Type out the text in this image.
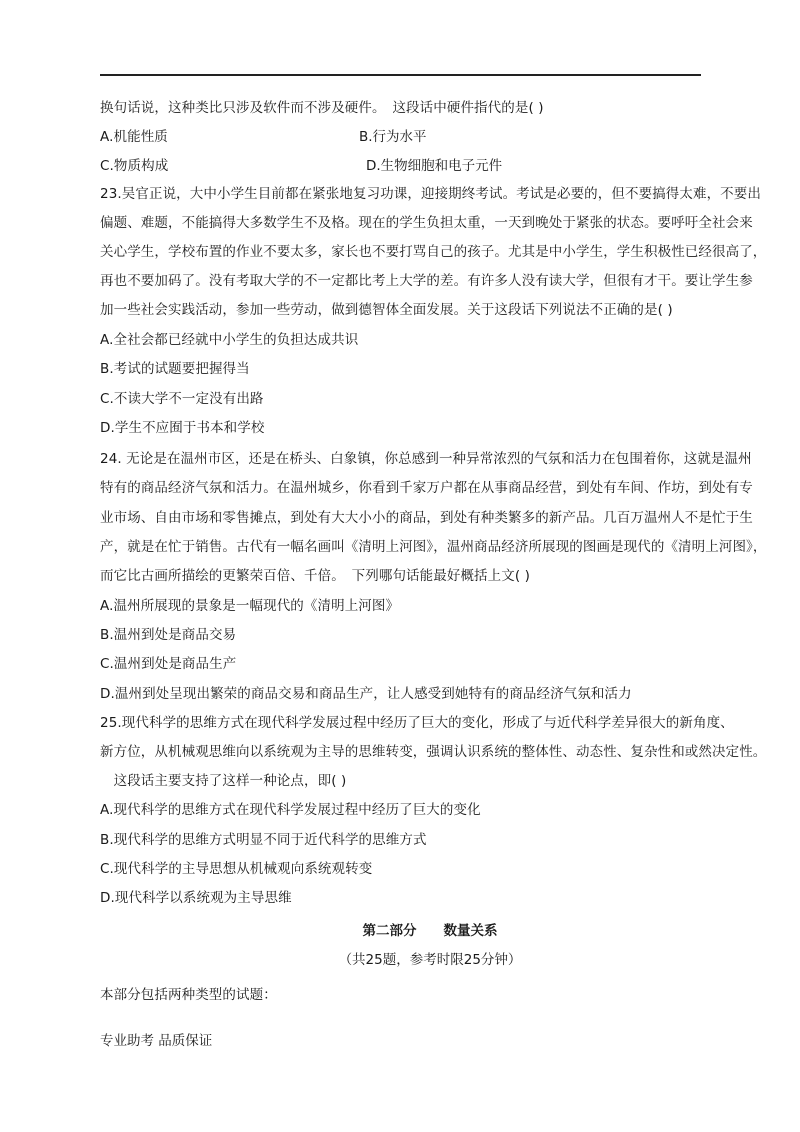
换句话说，这种类比只涉及软件而不涉及硬件。　这段话中硬件指代的是( )
A.机能性质	B.行为水平
C.物质构成	D.生物细胞和电子元件
23.吴官正说，大中小学生目前都在紧张地复习功课，迎接期终考试。考试是必要的，但不要搞得太难，不要出
偏题、难题，不能搞得大多数学生不及格。现在的学生负担太重，一天到晚处于紧张的状态。要呼吁全社会来
关心学生，学校布置的作业不要太多，家长也不要打骂自己的孩子。尤其是中小学生，学生积极性已经很高了，
再也不要加码了。没有考取大学的不一定都比考上大学的差。有许多人没有读大学，但很有才干。要让学生参
加一些社会实践活动，参加一些劳动，做到德智体全面发展。关于这段话下列说法不正确的是( )
A.全社会都已经就中小学生的负担达成共识
B.考试的试题要把握得当
C.不读大学不一定没有出路
D.学生不应囿于书本和学校
24. 无论是在温州市区，还是在桥头、白象镇，你总感到一种异常浓烈的气氛和活力在包围着你，这就是温州
特有的商品经济气氛和活力。在温州城乡，你看到千家万户都在从事商品经营，到处有车间、作坊，到处有专
业市场、自由市场和零售摊点，到处有大大小小的商品，到处有种类繁多的新产品。几百万温州人不是忙于生
产，就是在忙于销售。古代有一幅名画叫《清明上河图》，温州商品经济所展现的图画是现代的《清明上河图》，
而它比古画所描绘的更繁荣百倍、千倍。　下列哪句话能最好概括上文( )
A.温州所展现的景象是一幅现代的《清明上河图》
B.温州到处是商品交易
C.温州到处是商品生产
D.温州到处呈现出繁荣的商品交易和商品生产，让人感受到她特有的商品经济气氛和活力
25.现代科学的思维方式在现代科学发展过程中经历了巨大的变化，形成了与近代科学差异很大的新角度、
新方位，从机械观思维向以系统观为主导的思维转变，强调认识系统的整体性、动态性、复杂性和或然决定性。
　这段话主要支持了这样一种论点，即( )
A.现代科学的思维方式在现代科学发展过程中经历了巨大的变化
B.现代科学的思维方式明显不同于近代科学的思维方式
C.现代科学的主导思想从机械观向系统观转变
D.现代科学以系统观为主导思维
第二部分　　数量关系
（共25题，参考时限25分钟）
本部分包括两种类型的试题：
专业助考 品质保证
